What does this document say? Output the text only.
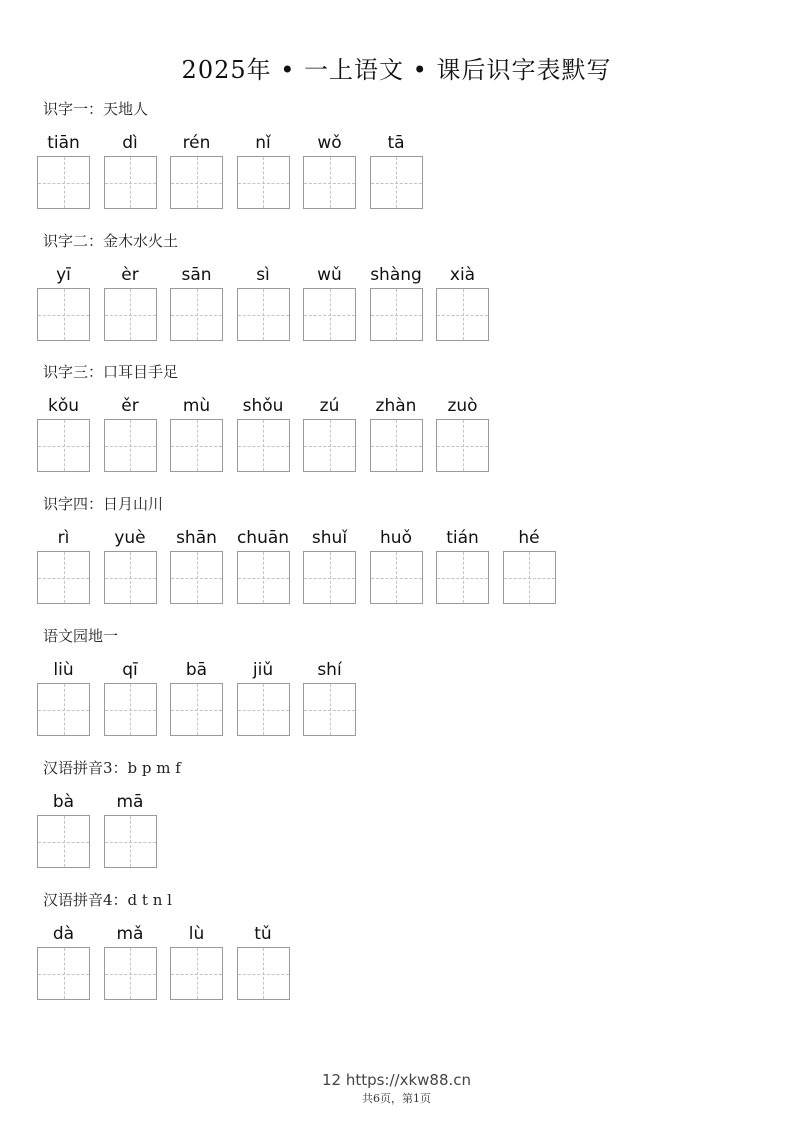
2025年 • 一上语文 • 课后识字表默写
识字一：天地人
tiān	dì	rén	nǐ	wǒ	tā
识字二：金木水火土
yī	èr	sān	sì	wǔ	shàng	xià
识字三：口耳目手足
kǒu	ěr	mù	shǒu	zú	zhàn	zuò
识字四：日月山川
rì	yuè	shān	chuān	shuǐ	huǒ	tián	hé
语文园地一
liù	qī	bā	jiǔ	shí
汉语拼音3：b p m f
bà	mā
汉语拼音4：d t n l
dà	mǎ	lù	tǔ
12 https://xkw88.cn
共6页，第1页
